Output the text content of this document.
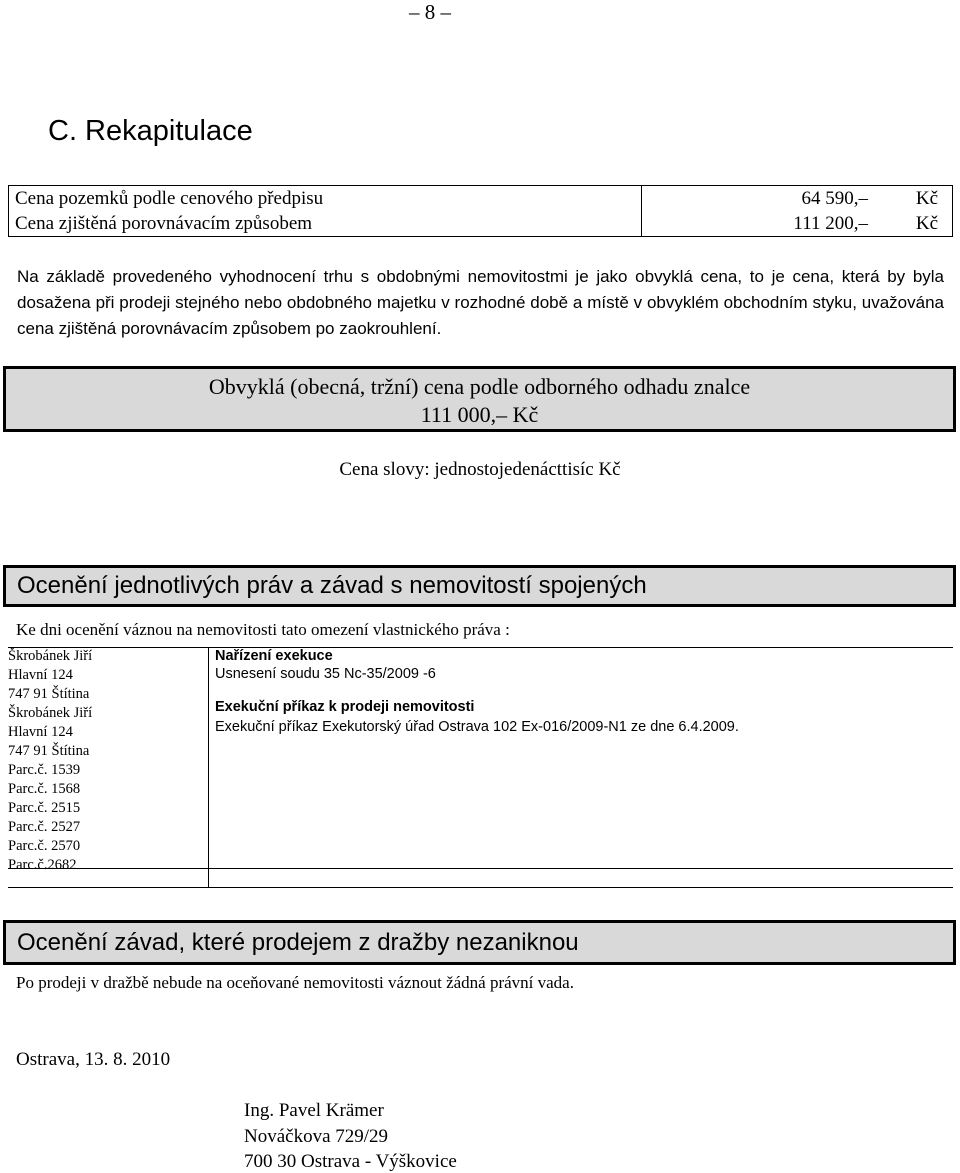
– 8 –
C. Rekapitulace
Cena pozemků podle cenového předpisu	64 590,–	Kč
Cena zjištěná porovnávacím způsobem	111 200,–	Kč
Na základě provedeného vyhodnocení trhu s obdobnými nemovitostmi je jako obvyklá cena, to je cena, která by byla dosažena při prodeji stejného nebo obdobného majetku v rozhodné době a místě v obvyklém obchodním styku, uvažována cena zjištěná porovnávacím způsobem po zaokrouhlení.
Obvyklá (obecná, tržní) cena podle odborného odhadu znalce
111 000,– Kč
Cena slovy: jednostojedenácttisíc Kč
Ocenění jednotlivých práv a závad s nemovitostí spojených
Ke dni ocenění váznou na nemovitosti tato omezení vlastnického práva :
Škrobánek Jiří
Hlavní 124
747 91 Štítina
Škrobánek Jiří
Hlavní 124
747 91 Štítina
Parc.č. 1539
Parc.č. 1568
Parc.č. 2515
Parc.č. 2527
Parc.č. 2570
Parc.č.2682
Nařízení exekuce
Usnesení soudu 35 Nc-35/2009 -6
Exekuční příkaz k prodeji nemovitosti
Exekuční příkaz Exekutorský úřad Ostrava 102 Ex-016/2009-N1 ze dne 6.4.2009.
Ocenění závad, které prodejem z dražby nezaniknou
Po prodeji v dražbě nebude na oceňované nemovitosti váznout žádná právní vada.
Ostrava, 13. 8. 2010
Ing. Pavel Krämer
Nováčkova 729/29
700 30 Ostrava - Výškovice
